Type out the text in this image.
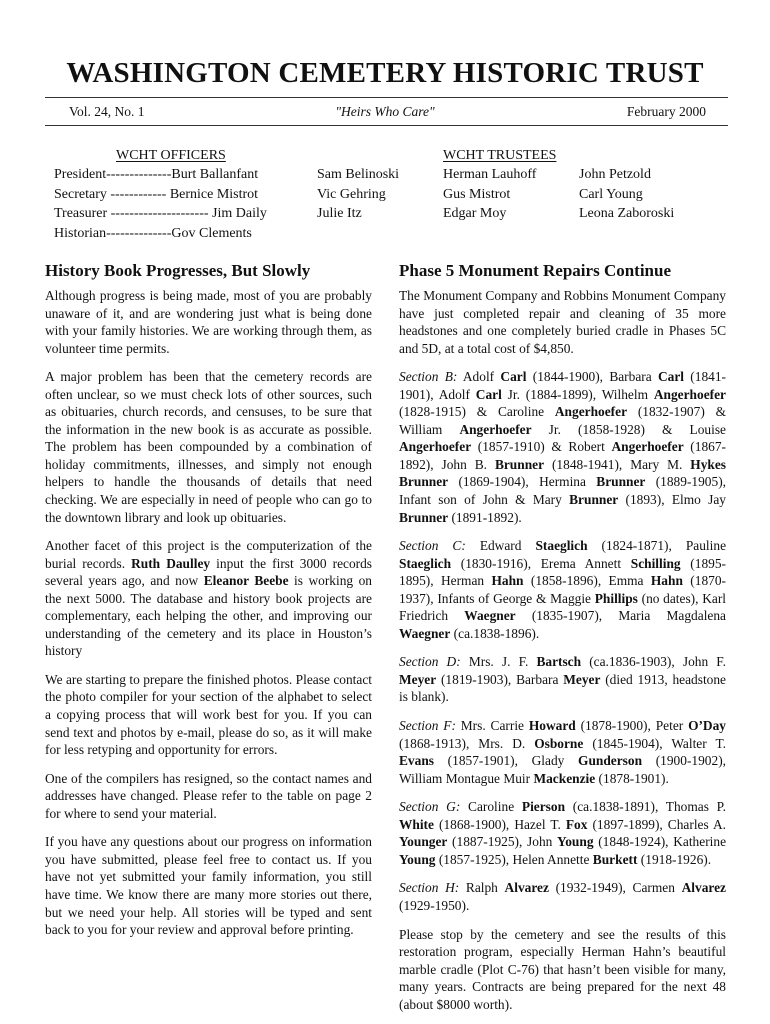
WASHINGTON CEMETERY HISTORIC TRUST
Vol. 24, No. 1	"Heirs Who Care"	February 2000
WCHT OFFICERS
President--------------Burt Ballanfant
Secretary ------------ Bernice Mistrot
Treasurer --------------------- Jim Daily
Historian--------------Gov Clements
Sam Belinoski
Vic Gehring
Julie Itz
WCHT TRUSTEES
Herman Lauhoff
Gus Mistrot
Edgar Moy
John Petzold
Carl Young
Leona Zaboroski
History Book Progresses, But Slowly

Although progress is being made, most of you are probably unaware of it, and are wondering just what is being done with your family histories. We are working through them, as volunteer time permits.

A major problem has been that the cemetery records are often unclear, so we must check lots of other sources, such as obituaries, church records, and censuses, to be sure that the information in the new book is as accurate as possible. The problem has been compounded by a combination of holiday commitments, illnesses, and simply not enough helpers to handle the thousands of details that need checking. We are especially in need of people who can go to the downtown library and look up obituaries.

Another facet of this project is the computerization of the burial records. Ruth Daulley input the first 3000 records several years ago, and now Eleanor Beebe is working on the next 5000. The database and history book projects are complementary, each helping the other, and improving our understanding of the cemetery and its place in Houston’s history

We are starting to prepare the finished photos. Please contact the photo compiler for your section of the alphabet to select a copying process that will work best for you. If you can send text and photos by e-mail, please do so, as it will make for less retyping and opportunity for errors.

One of the compilers has resigned, so the contact names and addresses have changed. Please refer to the table on page 2 for where to send your material.

If you have any questions about our progress on information you have submitted, please feel free to contact us. If you have not yet submitted your family information, you still have time. We know there are many more stories out there, but we need your help. All stories will be typed and sent back to you for your review and approval before printing.

Phase 5 Monument Repairs Continue

The Monument Company and Robbins Monument Company have just completed repair and cleaning of 35 more headstones and one completely buried cradle in Phases 5C and 5D, at a total cost of $4,850.

Section B: Adolf Carl (1844-1900), Barbara Carl (1841-1901), Adolf Carl Jr. (1884-1899), Wilhelm Angerhoefer (1828-1915) & Caroline Angerhoefer (1832-1907) & William Angerhoefer Jr. (1858-1928) & Louise Angerhoefer (1857-1910) & Robert Angerhoefer (1867-1892), John B. Brunner (1848-1941), Mary M. Hykes Brunner (1869-1904), Hermina Brunner (1889-1905), Infant son of John & Mary Brunner (1893), Elmo Jay Brunner (1891-1892).

Section C: Edward Staeglich (1824-1871), Pauline Staeglich (1830-1916), Erema Annett Schilling (1895-1895), Herman Hahn (1858-1896), Emma Hahn (1870-1937), Infants of George & Maggie Phillips (no dates), Karl Friedrich Waegner (1835-1907), Maria Magdalena Waegner (ca.1838-1896).

Section D: Mrs. J. F. Bartsch (ca.1836-1903), John F. Meyer (1819-1903), Barbara Meyer (died 1913, headstone is blank).

Section F: Mrs. Carrie Howard (1878-1900), Peter O’Day (1868-1913), Mrs. D. Osborne (1845-1904), Walter T. Evans (1857-1901), Glady Gunderson (1900-1902), William Montague Muir Mackenzie (1878-1901).

Section G: Caroline Pierson (ca.1838-1891), Thomas P. White (1868-1900), Hazel T. Fox (1897-1899), Charles A. Younger (1887-1925), John Young (1848-1924), Katherine Young (1857-1925), Helen Annette Burkett (1918-1926).

Section H: Ralph Alvarez (1932-1949), Carmen Alvarez (1929-1950).

Please stop by the cemetery and see the results of this restoration program, especially Herman Hahn’s beautiful marble cradle (Plot C-76) that hasn’t been visible for many, many years. Contracts are being prepared for the next 48 (about $8000 worth).
